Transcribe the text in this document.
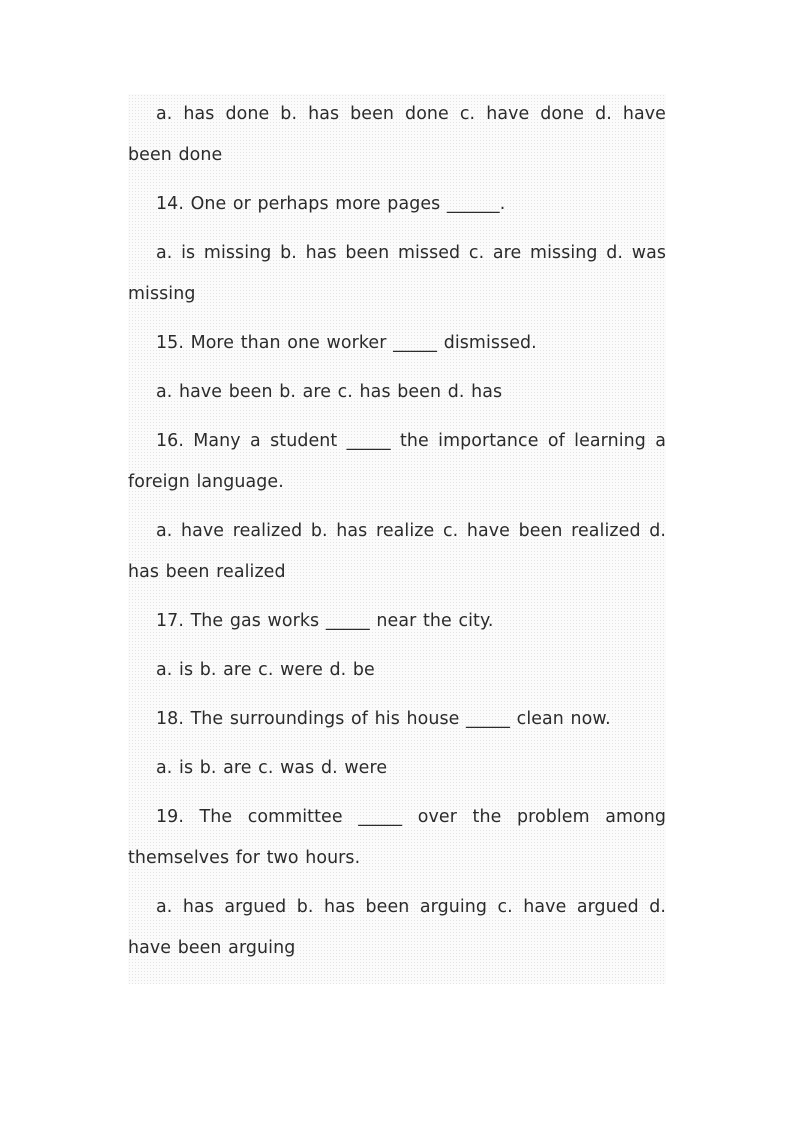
a. has done b. has been done c. have done d. have been done

14. One or perhaps more pages ______.

a. is missing b. has been missed c. are missing d. was missing

15. More than one worker _____ dismissed.

a. have been b. are c. has been d. has

16. Many a student _____ the importance of learning a foreign language.

a. have realized b. has realize c. have been realized d. has been realized

17. The gas works _____ near the city.

a. is b. are c. were d. be

18. The surroundings of his house _____ clean now.

a. is b. are c. was d. were

19. The committee _____ over the problem among themselves for two hours.

a. has argued b. has been arguing c. have argued d. have been arguing
